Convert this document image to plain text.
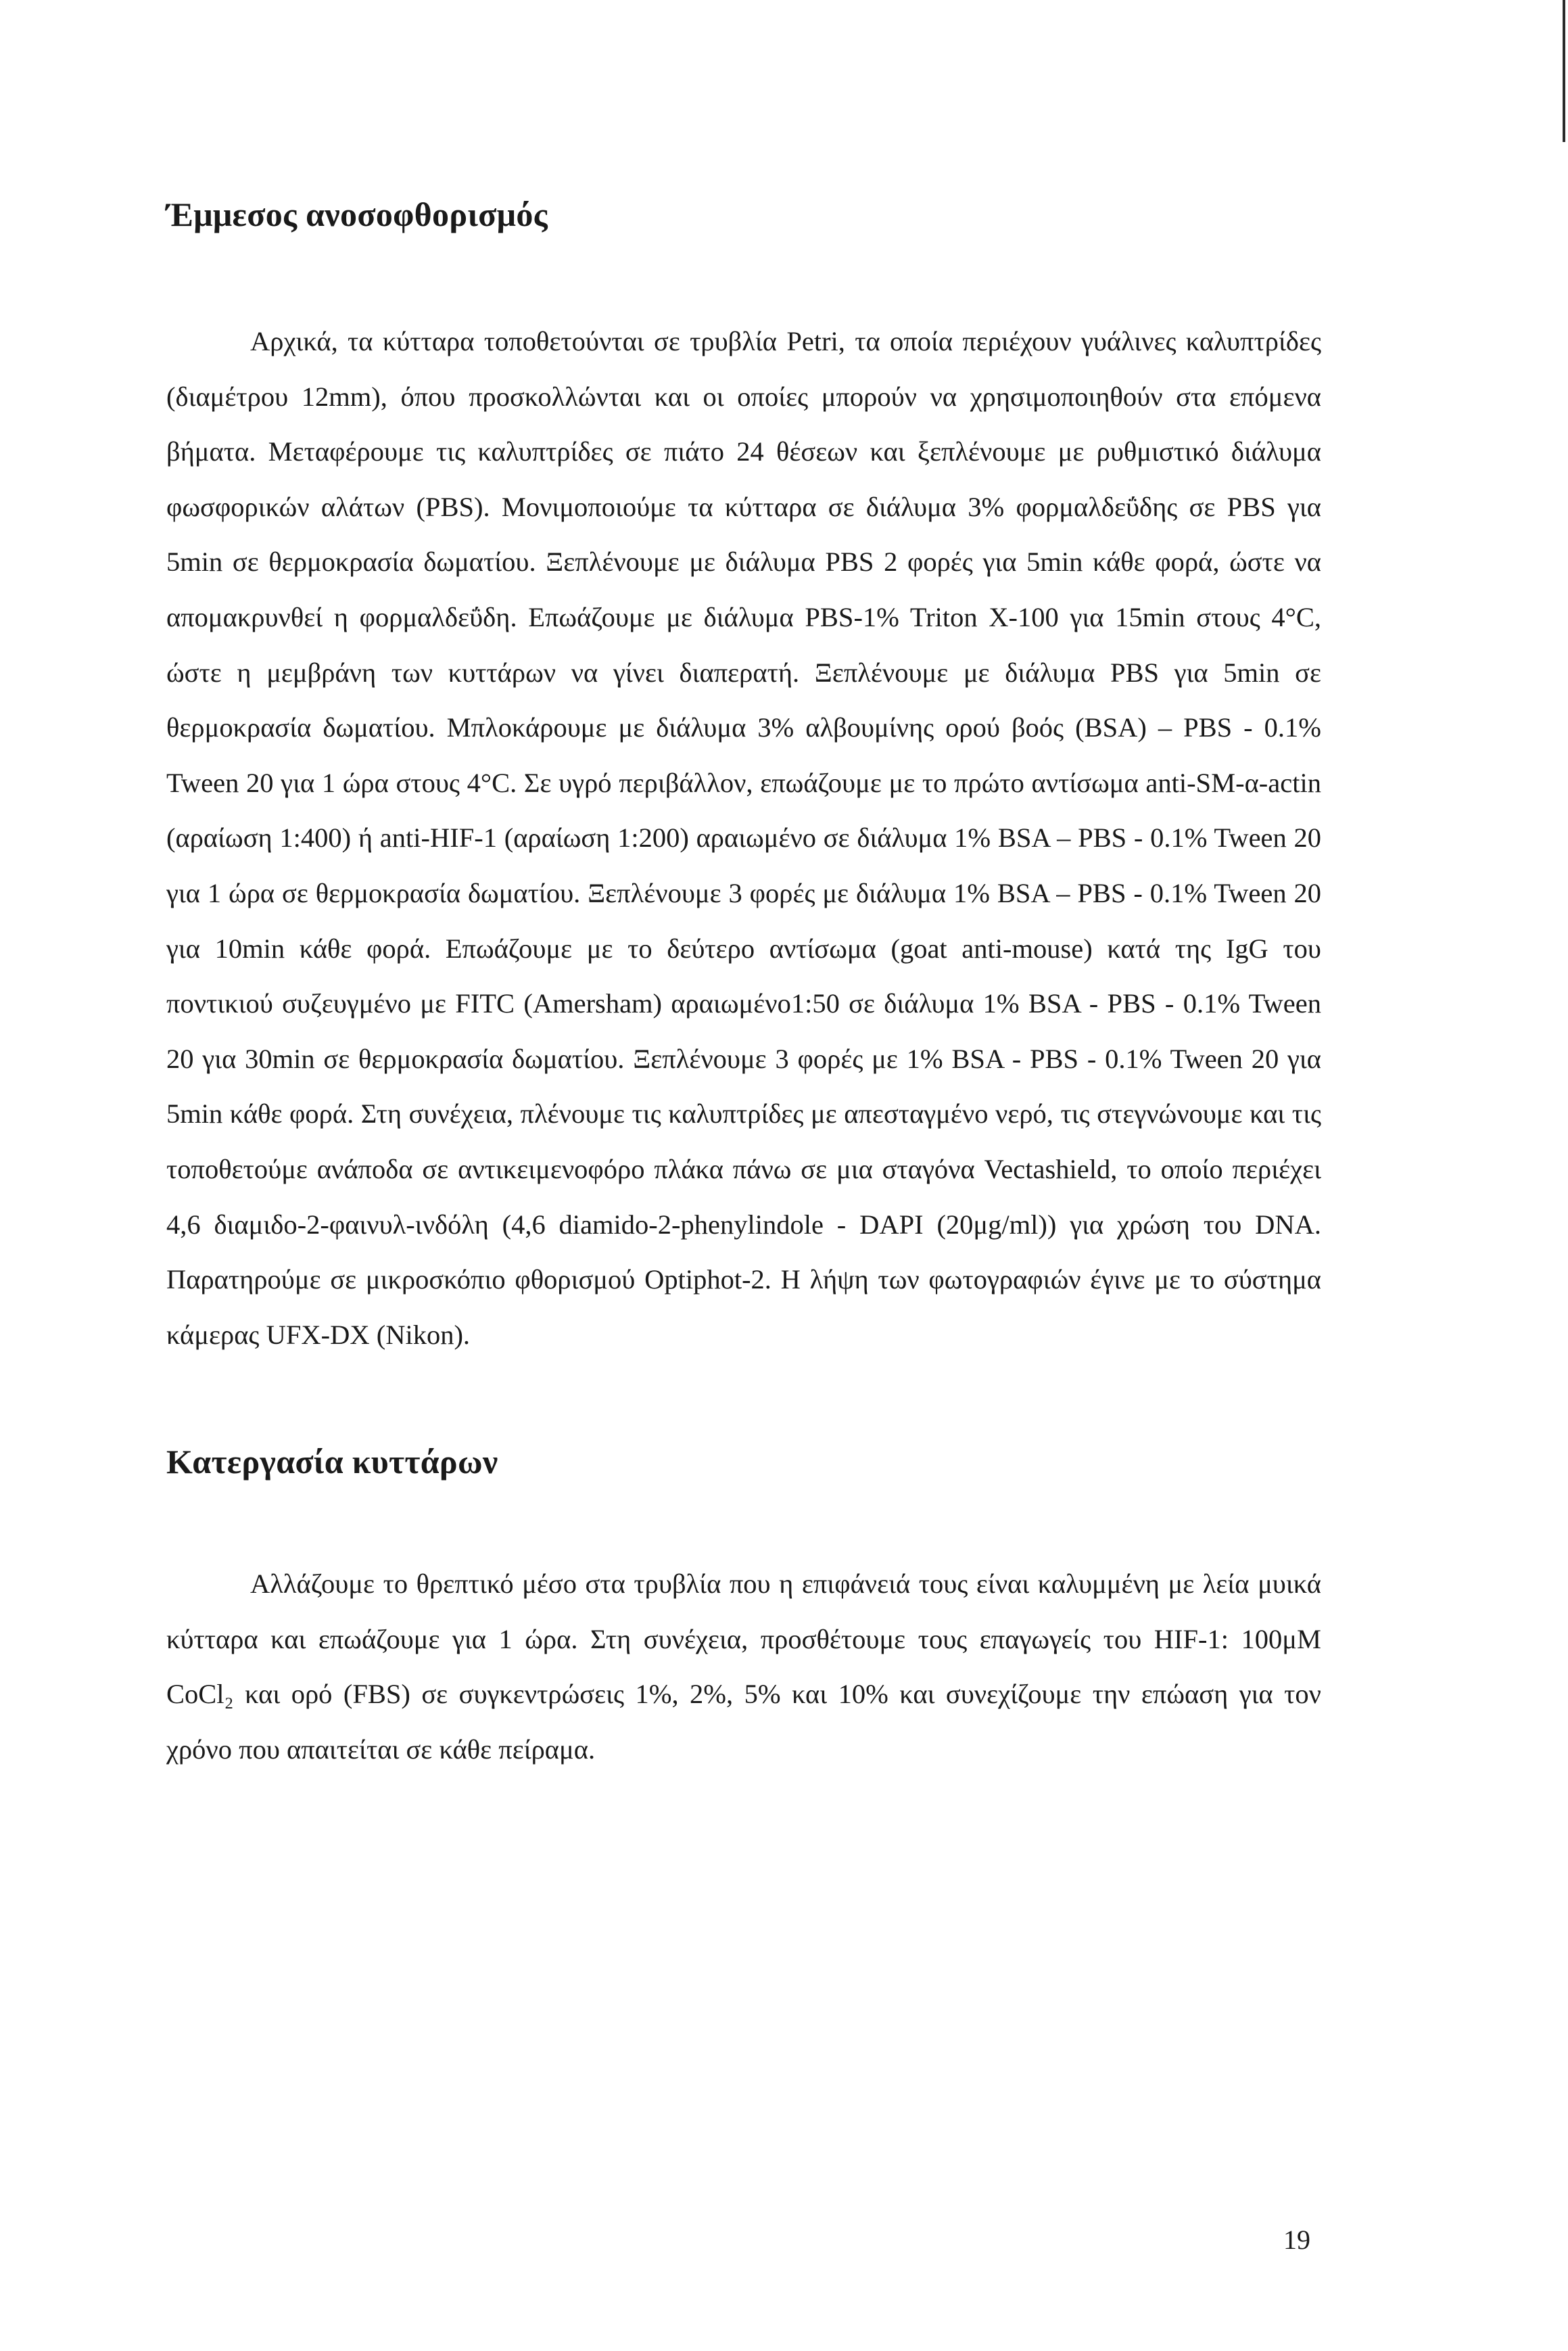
Έμμεσος ανοσοφθορισμός

Αρχικά, τα κύτταρα τοποθετούνται σε τρυβλία Petri, τα οποία περιέχουν γυάλινες καλυπτρίδες (διαμέτρου 12mm), όπου προσκολλώνται και οι οποίες μπορούν να χρησιμοποιηθούν στα επόμενα βήματα. Μεταφέρουμε τις καλυπτρίδες σε πιάτο 24 θέσεων και ξεπλένουμε με ρυθμιστικό διάλυμα φωσφορικών αλάτων (PBS). Μονιμοποιούμε τα κύτταρα σε διάλυμα 3% φορμαλδεΰδης σε PBS για 5min σε θερμοκρασία δωματίου. Ξεπλένουμε με διάλυμα PBS 2 φορές για 5min κάθε φορά, ώστε να απομακρυνθεί η φορμαλδεΰδη. Επωάζουμε με διάλυμα PBS-1% Triton X-100 για 15min στους 4°C, ώστε η μεμβράνη των κυττάρων να γίνει διαπερατή. Ξεπλένουμε με διάλυμα PBS για 5min σε θερμοκρασία δωματίου. Μπλοκάρουμε με διάλυμα 3% αλβουμίνης ορού βοός (BSA) – PBS - 0.1% Tween 20 για 1 ώρα στους 4°C. Σε υγρό περιβάλλον, επωάζουμε με το πρώτο αντίσωμα anti-SM-α-actin (αραίωση 1:400) ή anti-HIF-1 (αραίωση 1:200) αραιωμένο σε διάλυμα 1% BSA – PBS - 0.1% Tween 20 για 1 ώρα σε θερμοκρασία δωματίου. Ξεπλένουμε 3 φορές με διάλυμα 1% BSA – PBS - 0.1% Tween 20 για 10min κάθε φορά. Επωάζουμε με το δεύτερο αντίσωμα (goat anti-mouse) κατά της IgG του ποντικιού συζευγμένο με FITC (Amersham) αραιωμένο1:50 σε διάλυμα 1% BSA - PBS - 0.1% Tween 20 για 30min σε θερμοκρασία δωματίου. Ξεπλένουμε 3 φορές με 1% BSA - PBS - 0.1% Tween 20 για 5min κάθε φορά. Στη συνέχεια, πλένουμε τις καλυπτρίδες με απεσταγμένο νερό, τις στεγνώνουμε και τις τοποθετούμε ανάποδα σε αντικειμενοφόρο πλάκα πάνω σε μια σταγόνα Vectashield, το οποίο περιέχει 4,6 διαμιδο-2-φαινυλ-ινδόλη (4,6 diamido-2-phenylindole - DAPI (20μg/ml)) για χρώση του DNA. Παρατηρούμε σε μικροσκόπιο φθορισμού Optiphot-2. Η λήψη των φωτογραφιών έγινε με το σύστημα κάμερας UFX-DX (Nikon).

Κατεργασία κυττάρων

Αλλάζουμε το θρεπτικό μέσο στα τρυβλία που η επιφάνειά τους είναι καλυμμένη με λεία μυικά κύτταρα και επωάζουμε για 1 ώρα. Στη συνέχεια, προσθέτουμε τους επαγωγείς του HIF-1: 100μM CoCl₂ και ορό (FBS) σε συγκεντρώσεις 1%, 2%, 5% και 10% και συνεχίζουμε την επώαση για τον χρόνο που απαιτείται σε κάθε πείραμα.

19
